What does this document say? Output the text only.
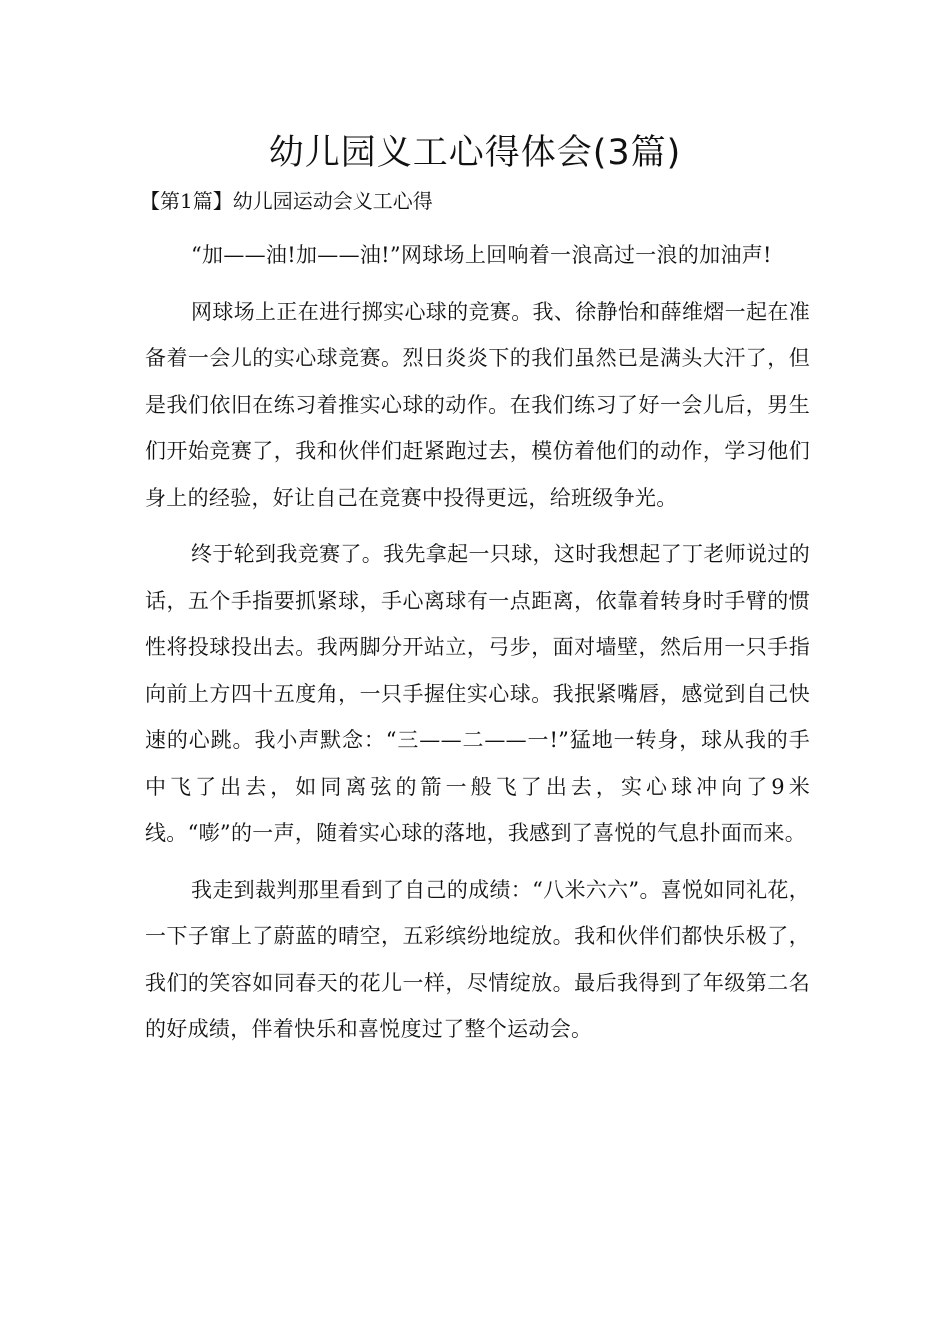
幼儿园义工心得体会(3篇)

【第1篇】幼儿园运动会义工心得

“加——油!加——油!”网球场上回响着一浪高过一浪的加油声!

网球场上正在进行掷实心球的竞赛。我、徐静怡和薛维熠一起在准备着一会儿的实心球竞赛。烈日炎炎下的我们虽然已是满头大汗了，但是我们依旧在练习着推实心球的动作。在我们练习了好一会儿后，男生们开始竞赛了，我和伙伴们赶紧跑过去，模仿着他们的动作，学习他们身上的经验，好让自己在竞赛中投得更远，给班级争光。

终于轮到我竞赛了。我先拿起一只球，这时我想起了丁老师说过的话，五个手指要抓紧球，手心离球有一点距离，依靠着转身时手臂的惯性将投球投出去。我两脚分开站立，弓步，面对墙壁，然后用一只手指向前上方四十五度角，一只手握住实心球。我抿紧嘴唇，感觉到自己快速的心跳。我小声默念：“三——二——一!”猛地一转身，球从我的手中飞了出去，如同离弦的箭一般飞了出去，实心球冲向了9米线。“嘭”的一声，随着实心球的落地，我感到了喜悦的气息扑面而来。

我走到裁判那里看到了自己的成绩：“八米六六”。喜悦如同礼花，一下子窜上了蔚蓝的晴空，五彩缤纷地绽放。我和伙伴们都快乐极了，我们的笑容如同春天的花儿一样，尽情绽放。最后我得到了年级第二名的好成绩，伴着快乐和喜悦度过了整个运动会。
